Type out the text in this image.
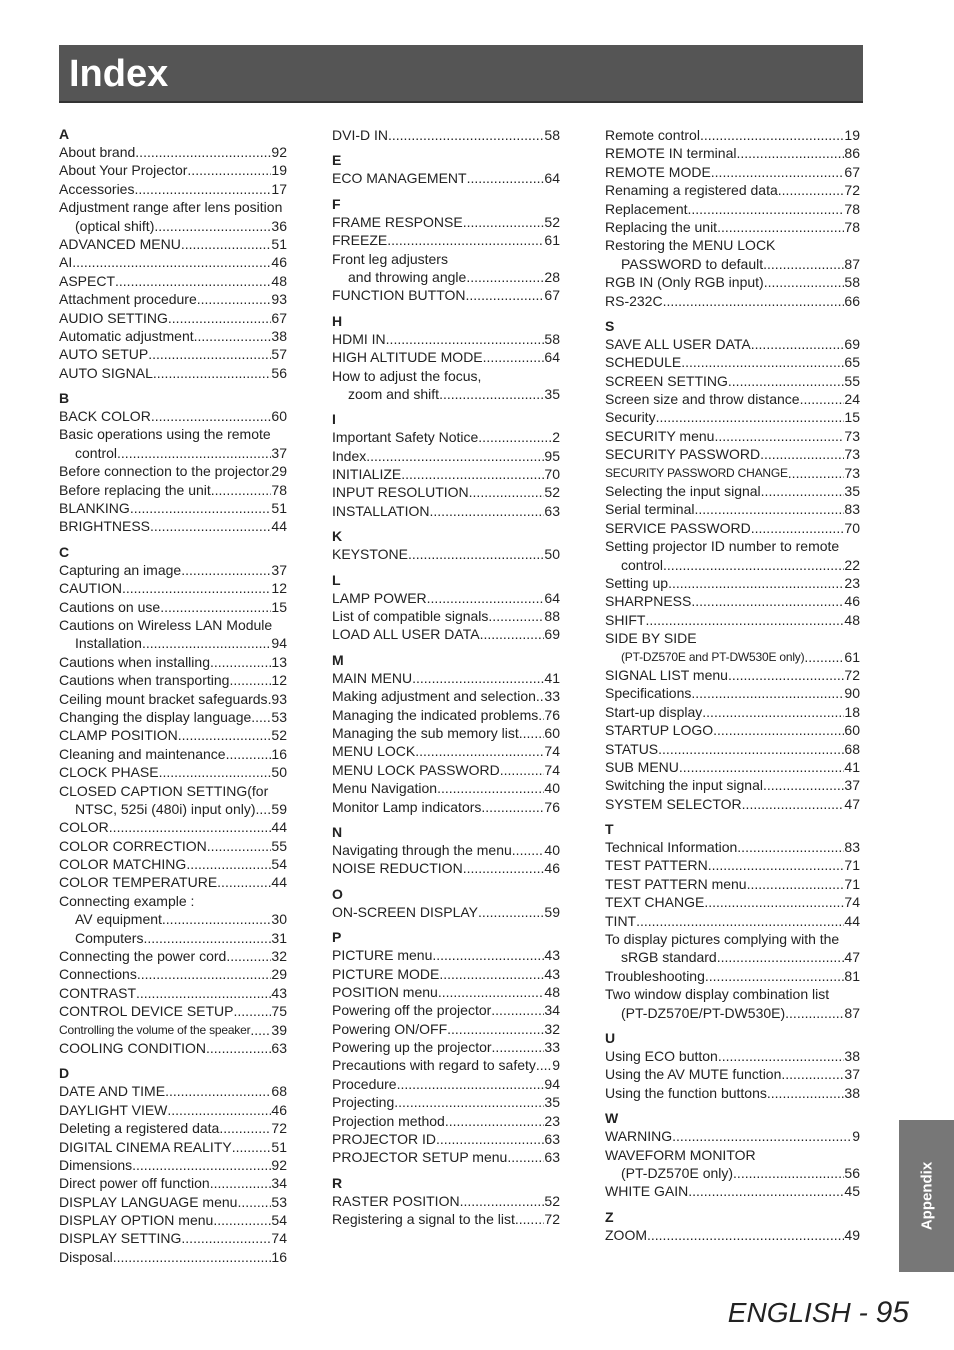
Index
A
About brand .....	92
About Your Projector .....	19
Accessories .....	17
Adjustment range after lens position
(optical shift) .....	36
ADVANCED MENU .....	51
AI .....	46
ASPECT .....	48
Attachment procedure .....	93
AUDIO SETTING .....	67
Automatic adjustment .....	38
AUTO SETUP .....	57
AUTO SIGNAL .....	56
B
BACK COLOR .....	60
Basic operations using the remote
control .....	37
Before connection to the projector ..... 29
Before replacing the unit .....	78
BLANKING .....	51
BRIGHTNESS .....	44
C
Capturing an image .....	37
CAUTION .....	12
Cautions on use .....	15
Cautions on Wireless LAN Module
Installation .....	94
Cautions when installing .....	13
Cautions when transporting .....	12
Ceiling mount bracket safeguards ..... 93
Changing the display language ..... 53
CLAMP POSITION .....	52
Cleaning and maintenance .....	16
CLOCK PHASE .....	50
CLOSED CAPTION SETTING(for
NTSC, 525i (480i) input only) ..... 59
COLOR .....	44
COLOR CORRECTION .....	55
COLOR MATCHING .....	54
COLOR TEMPERATURE .....	44
Connecting example :
AV equipment .....	30
Computers .....	31
Connecting the power cord .....	32
Connections .....	29
CONTRAST .....	43
CONTROL DEVICE SETUP .....	75
Controlling the volume of the speaker ..... 39
COOLING CONDITION .....	63
D
DATE AND TIME .....	68
DAYLIGHT VIEW .....	46
Deleting a registered data .....	72
DIGITAL CINEMA REALITY .....	51
Dimensions .....	92
Direct power off function .....	34
DISPLAY LANGUAGE menu ..... 53
DISPLAY OPTION menu .....	54
DISPLAY SETTING .....	74
Disposal .....	16
DVI-D IN .....	58
E
ECO MANAGEMENT .....	64
F
FRAME RESPONSE .....	52
FREEZE .....	61
Front leg adjusters
and throwing angle .....	28
FUNCTION BUTTON .....	67
H
HDMI IN .....	58
HIGH ALTITUDE MODE .....	64
How to adjust the focus,
zoom and shift .....	35
I
Important Safety Notice .....	2
Index .....	95
INITIALIZE .....	70
INPUT RESOLUTION .....	52
INSTALLATION .....	63
K
KEYSTONE .....	50
L
LAMP POWER .....	64
List of compatible signals .....	88
LOAD ALL USER DATA .....	69
M
MAIN MENU .....	41
Making adjustment and selection ..... 33
Managing the indicated problems ..... 76
Managing the sub memory list ..... 60
MENU LOCK .....	74
MENU LOCK PASSWORD .....	74
Menu Navigation .....	40
Monitor Lamp indicators .....	76
N
Navigating through the menu ..... 40
NOISE REDUCTION .....	46
O
ON-SCREEN DISPLAY .....	59
P
PICTURE menu .....	43
PICTURE MODE .....	43
POSITION menu .....	48
Powering off the projector .....	34
Powering ON/OFF .....	32
Powering up the projector .....	33
Precautions with regard to safety ..... 9
Procedure .....	94
Projecting .....	35
Projection method .....	23
PROJECTOR ID .....	63
PROJECTOR SETUP menu .....	63
R
RASTER POSITION .....	52
Registering a signal to the list ..... 72
Remote control .....	19
REMOTE IN terminal .....	86
REMOTE MODE .....	67
Renaming a registered data .....	72
Replacement .....	78
Replacing the unit .....	78
Restoring the MENU LOCK
PASSWORD to default .....	87
RGB IN (Only RGB input) .....	58
RS-232C .....	66
S
SAVE ALL USER DATA .....	69
SCHEDULE .....	65
SCREEN SETTING .....	55
Screen size and throw distance .....	24
Security .....	15
SECURITY menu .....	73
SECURITY PASSWORD .....	73
SECURITY PASSWORD CHANGE .....	73
Selecting the input signal .....	35
Serial terminal .....	83
SERVICE PASSWORD .....	70
Setting projector ID number to remote
control .....	22
Setting up .....	23
SHARPNESS .....	46
SHIFT .....	48
SIDE BY SIDE
(PT-DZ570E and PT-DW530E only) .....	61
SIGNAL LIST menu .....	72
Specifications .....	90
Start-up display .....	18
STARTUP LOGO .....	60
STATUS .....	68
SUB MENU .....	41
Switching the input signal .....	37
SYSTEM SELECTOR .....	47
T
Technical Information .....	83
TEST PATTERN .....	71
TEST PATTERN menu .....	71
TEXT CHANGE .....	74
TINT .....	44
To display pictures complying with the
sRGB standard .....	47
Troubleshooting .....	81
Two window display combination list
(PT-DZ570E/PT-DW530E) .....	87
U
Using ECO button .....	38
Using the AV MUTE function .....	37
Using the function buttons .....	38
W
WARNING .....	9
WAVEFORM MONITOR
(PT-DZ570E only) .....	56
WHITE GAIN .....	45
Z
ZOOM .....	49
Appendix
ENGLISH - 95
